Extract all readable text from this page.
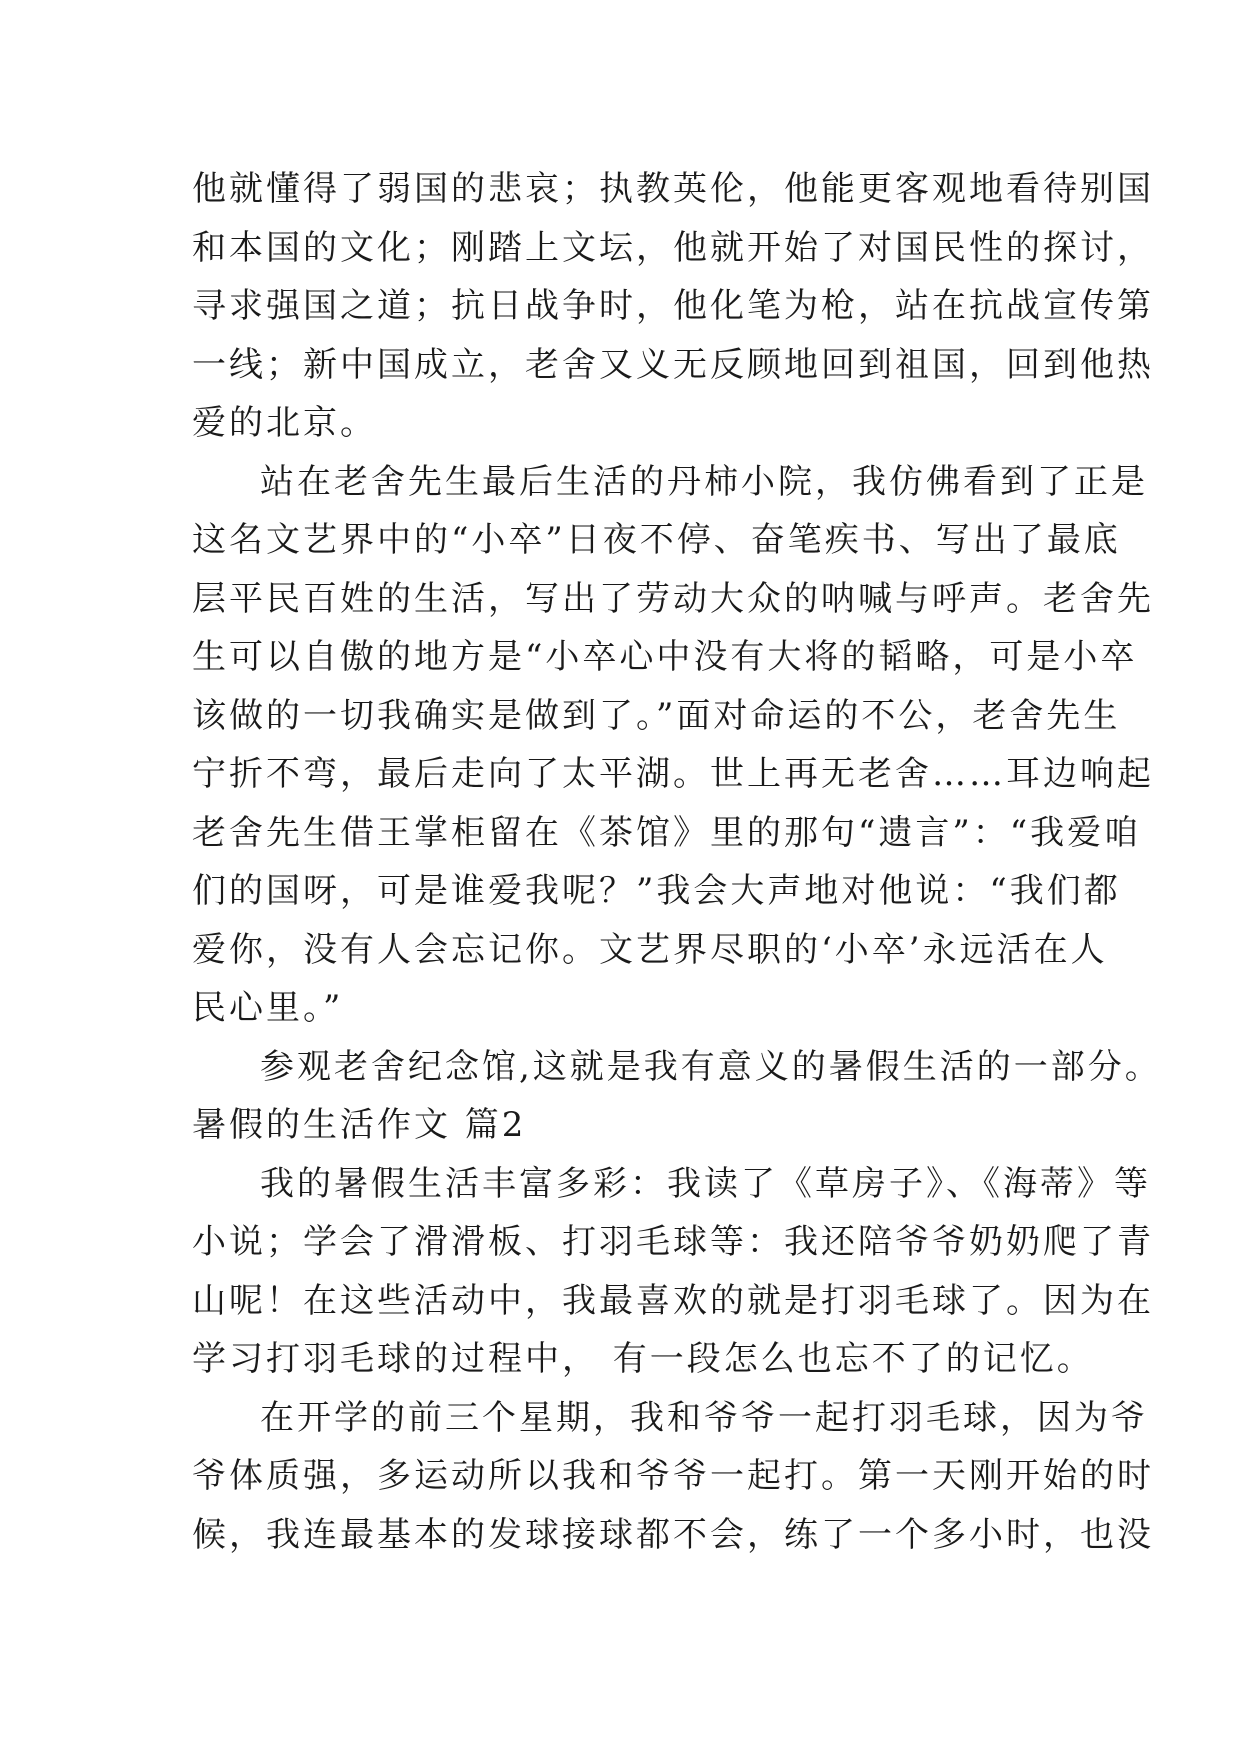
他就懂得了弱国的悲哀；执教英伦，他能更客观地看待别国
和本国的文化；刚踏上文坛，他就开始了对国民性的探讨，
寻求强国之道；抗日战争时，他化笔为枪，站在抗战宣传第
一线；新中国成立，老舍又义无反顾地回到祖国，回到他热
爱的北京。
站在老舍先生最后生活的丹柿小院，我仿佛看到了正是
这名文艺界中的“小卒”日夜不停、奋笔疾书、写出了最底
层平民百姓的生活，写出了劳动大众的呐喊与呼声。老舍先
生可以自傲的地方是“小卒心中没有大将的韬略，可是小卒
该做的一切我确实是做到了。”面对命运的不公，老舍先生
宁折不弯，最后走向了太平湖。世上再无老舍……耳边响起
老舍先生借王掌柜留在《茶馆》里的那句“遗言”：“我爱咱
们的国呀，可是谁爱我呢？”我会大声地对他说：“我们都
爱你，没有人会忘记你。文艺界尽职的‘小卒’永远活在人
民心里。”
参观老舍纪念馆,这就是我有意义的暑假生活的一部分。
暑假的生活作文 篇2
我的暑假生活丰富多彩：我读了《草房子》、《海蒂》等
小说；学会了滑滑板、打羽毛球等：我还陪爷爷奶奶爬了青
山呢！在这些活动中，我最喜欢的就是打羽毛球了。因为在
学习打羽毛球的过程中， 有一段怎么也忘不了的记忆。
在开学的前三个星期，我和爷爷一起打羽毛球，因为爷
爷体质强，多运动所以我和爷爷一起打。第一天刚开始的时
候，我连最基本的发球接球都不会，练了一个多小时，也没
